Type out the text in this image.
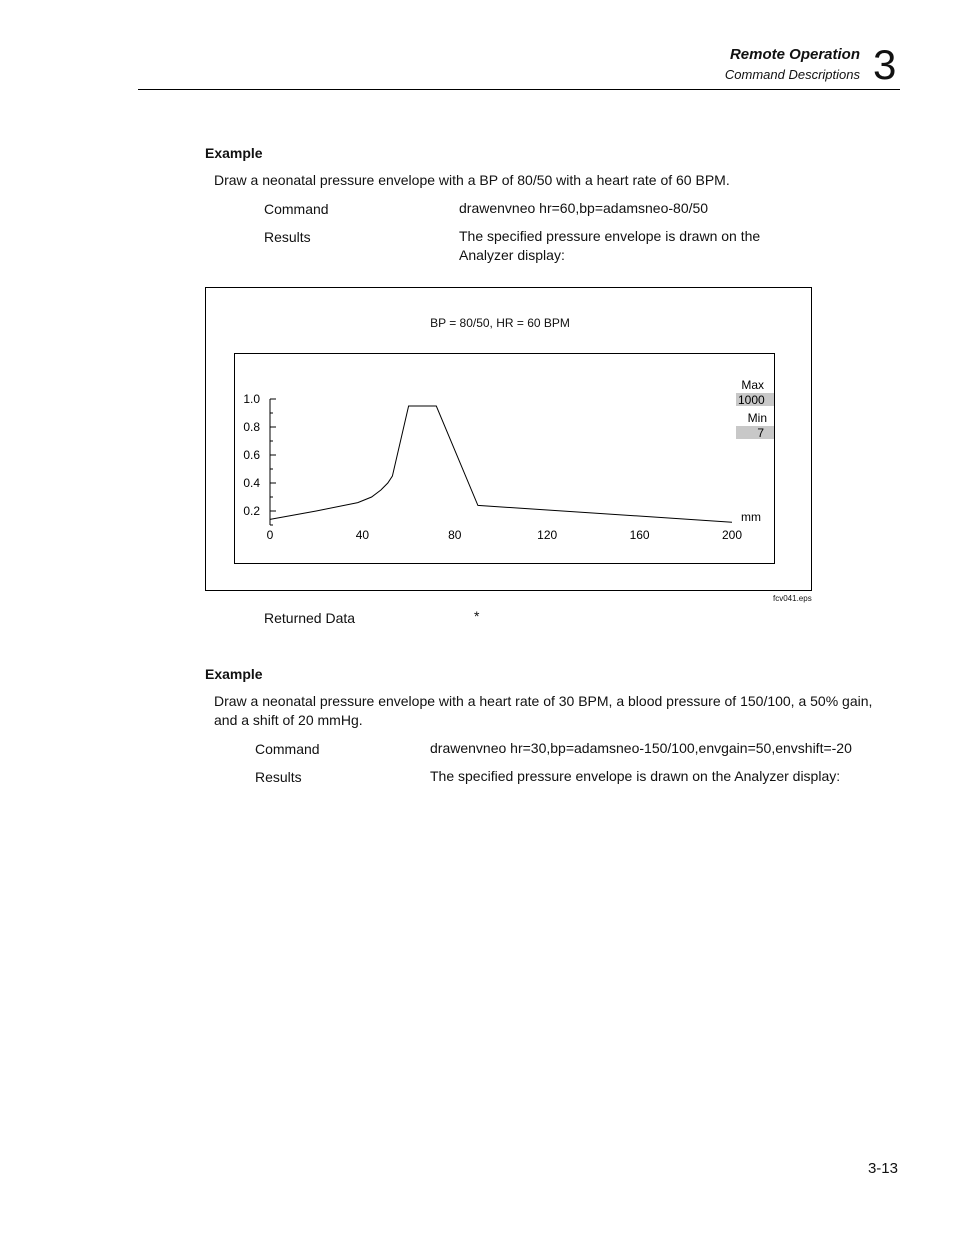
Remote Operation
Command Descriptions 3
Example
Draw a neonatal pressure envelope with a BP of 80/50 with a heart rate of 60 BPM.
Command	drawenvneo hr=60,bp=adamsneo-80/50
Results	The specified pressure envelope is drawn on the
Analyzer display:
BP = 80/50, HR = 60 BPM
0.2
0.4
0.6
0.8
1.0
0	40	80	120	160	200
Max
1000
Min
7
mm
fcv041.eps
Returned Data	*
Example
Draw a neonatal pressure envelope with a heart rate of 30 BPM, a blood pressure of 150/100, a 50% gain,
and a shift of 20 mmHg.
Command	drawenvneo hr=30,bp=adamsneo-150/100,envgain=50,envshift=-20
Results	The specified pressure envelope is drawn on the Analyzer display:
3-13
